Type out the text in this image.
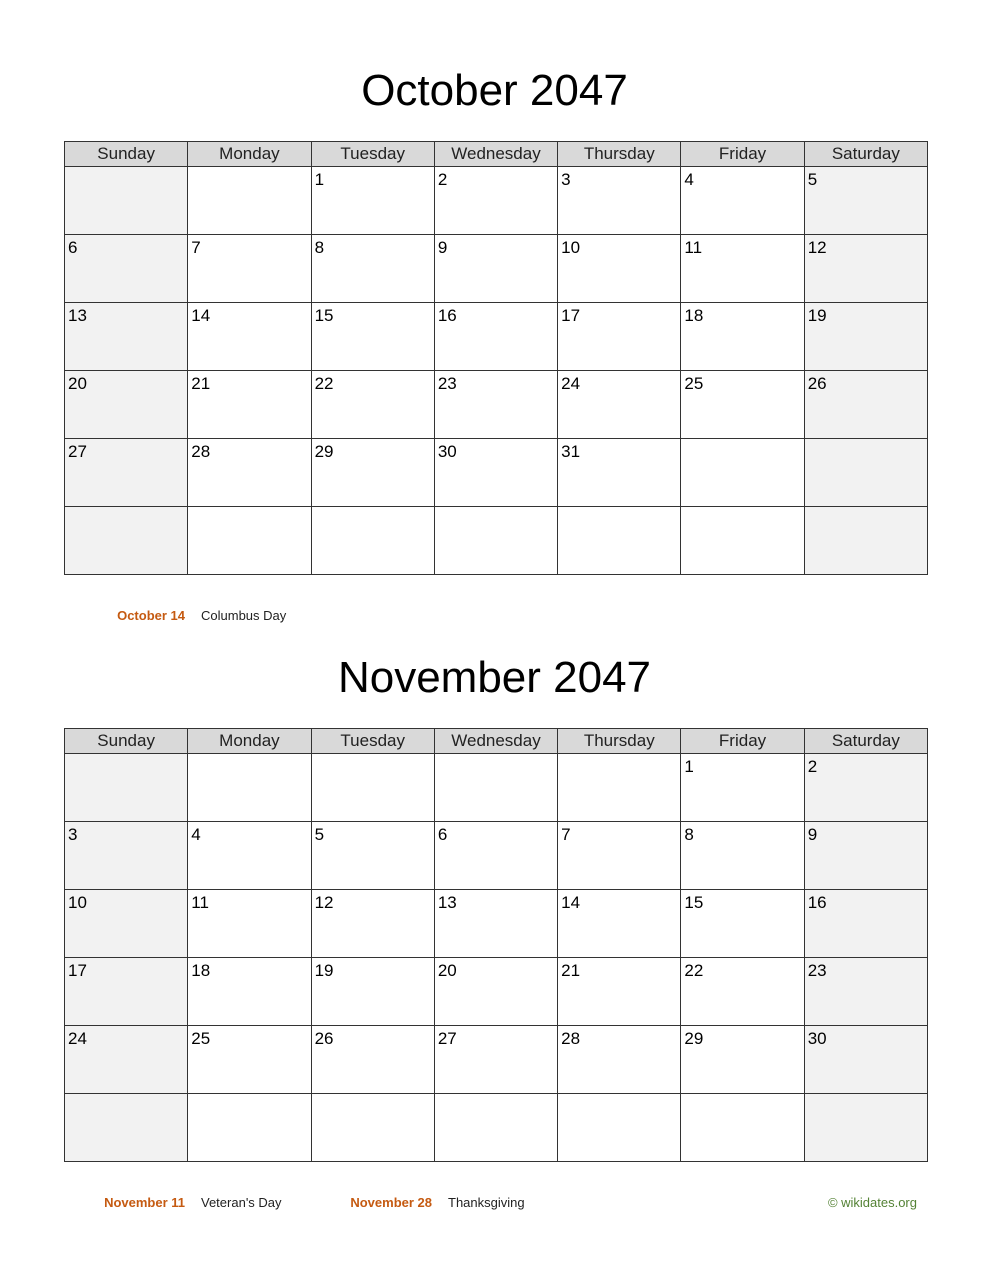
October 2047
Sunday	Monday	Tuesday	Wednesday	Thursday	Friday	Saturday
		1	2	3	4	5
6	7	8	9	10	11	12
13	14	15	16	17	18	19
20	21	22	23	24	25	26
27	28	29	30	31		

October 14 Columbus Day
November 2047
Sunday	Monday	Tuesday	Wednesday	Thursday	Friday	Saturday
					1	2
3	4	5	6	7	8	9
10	11	12	13	14	15	16
17	18	19	20	21	22	23
24	25	26	27	28	29	30

November 11 Veteran's Day	November 28 Thanksgiving	© wikidates.org
